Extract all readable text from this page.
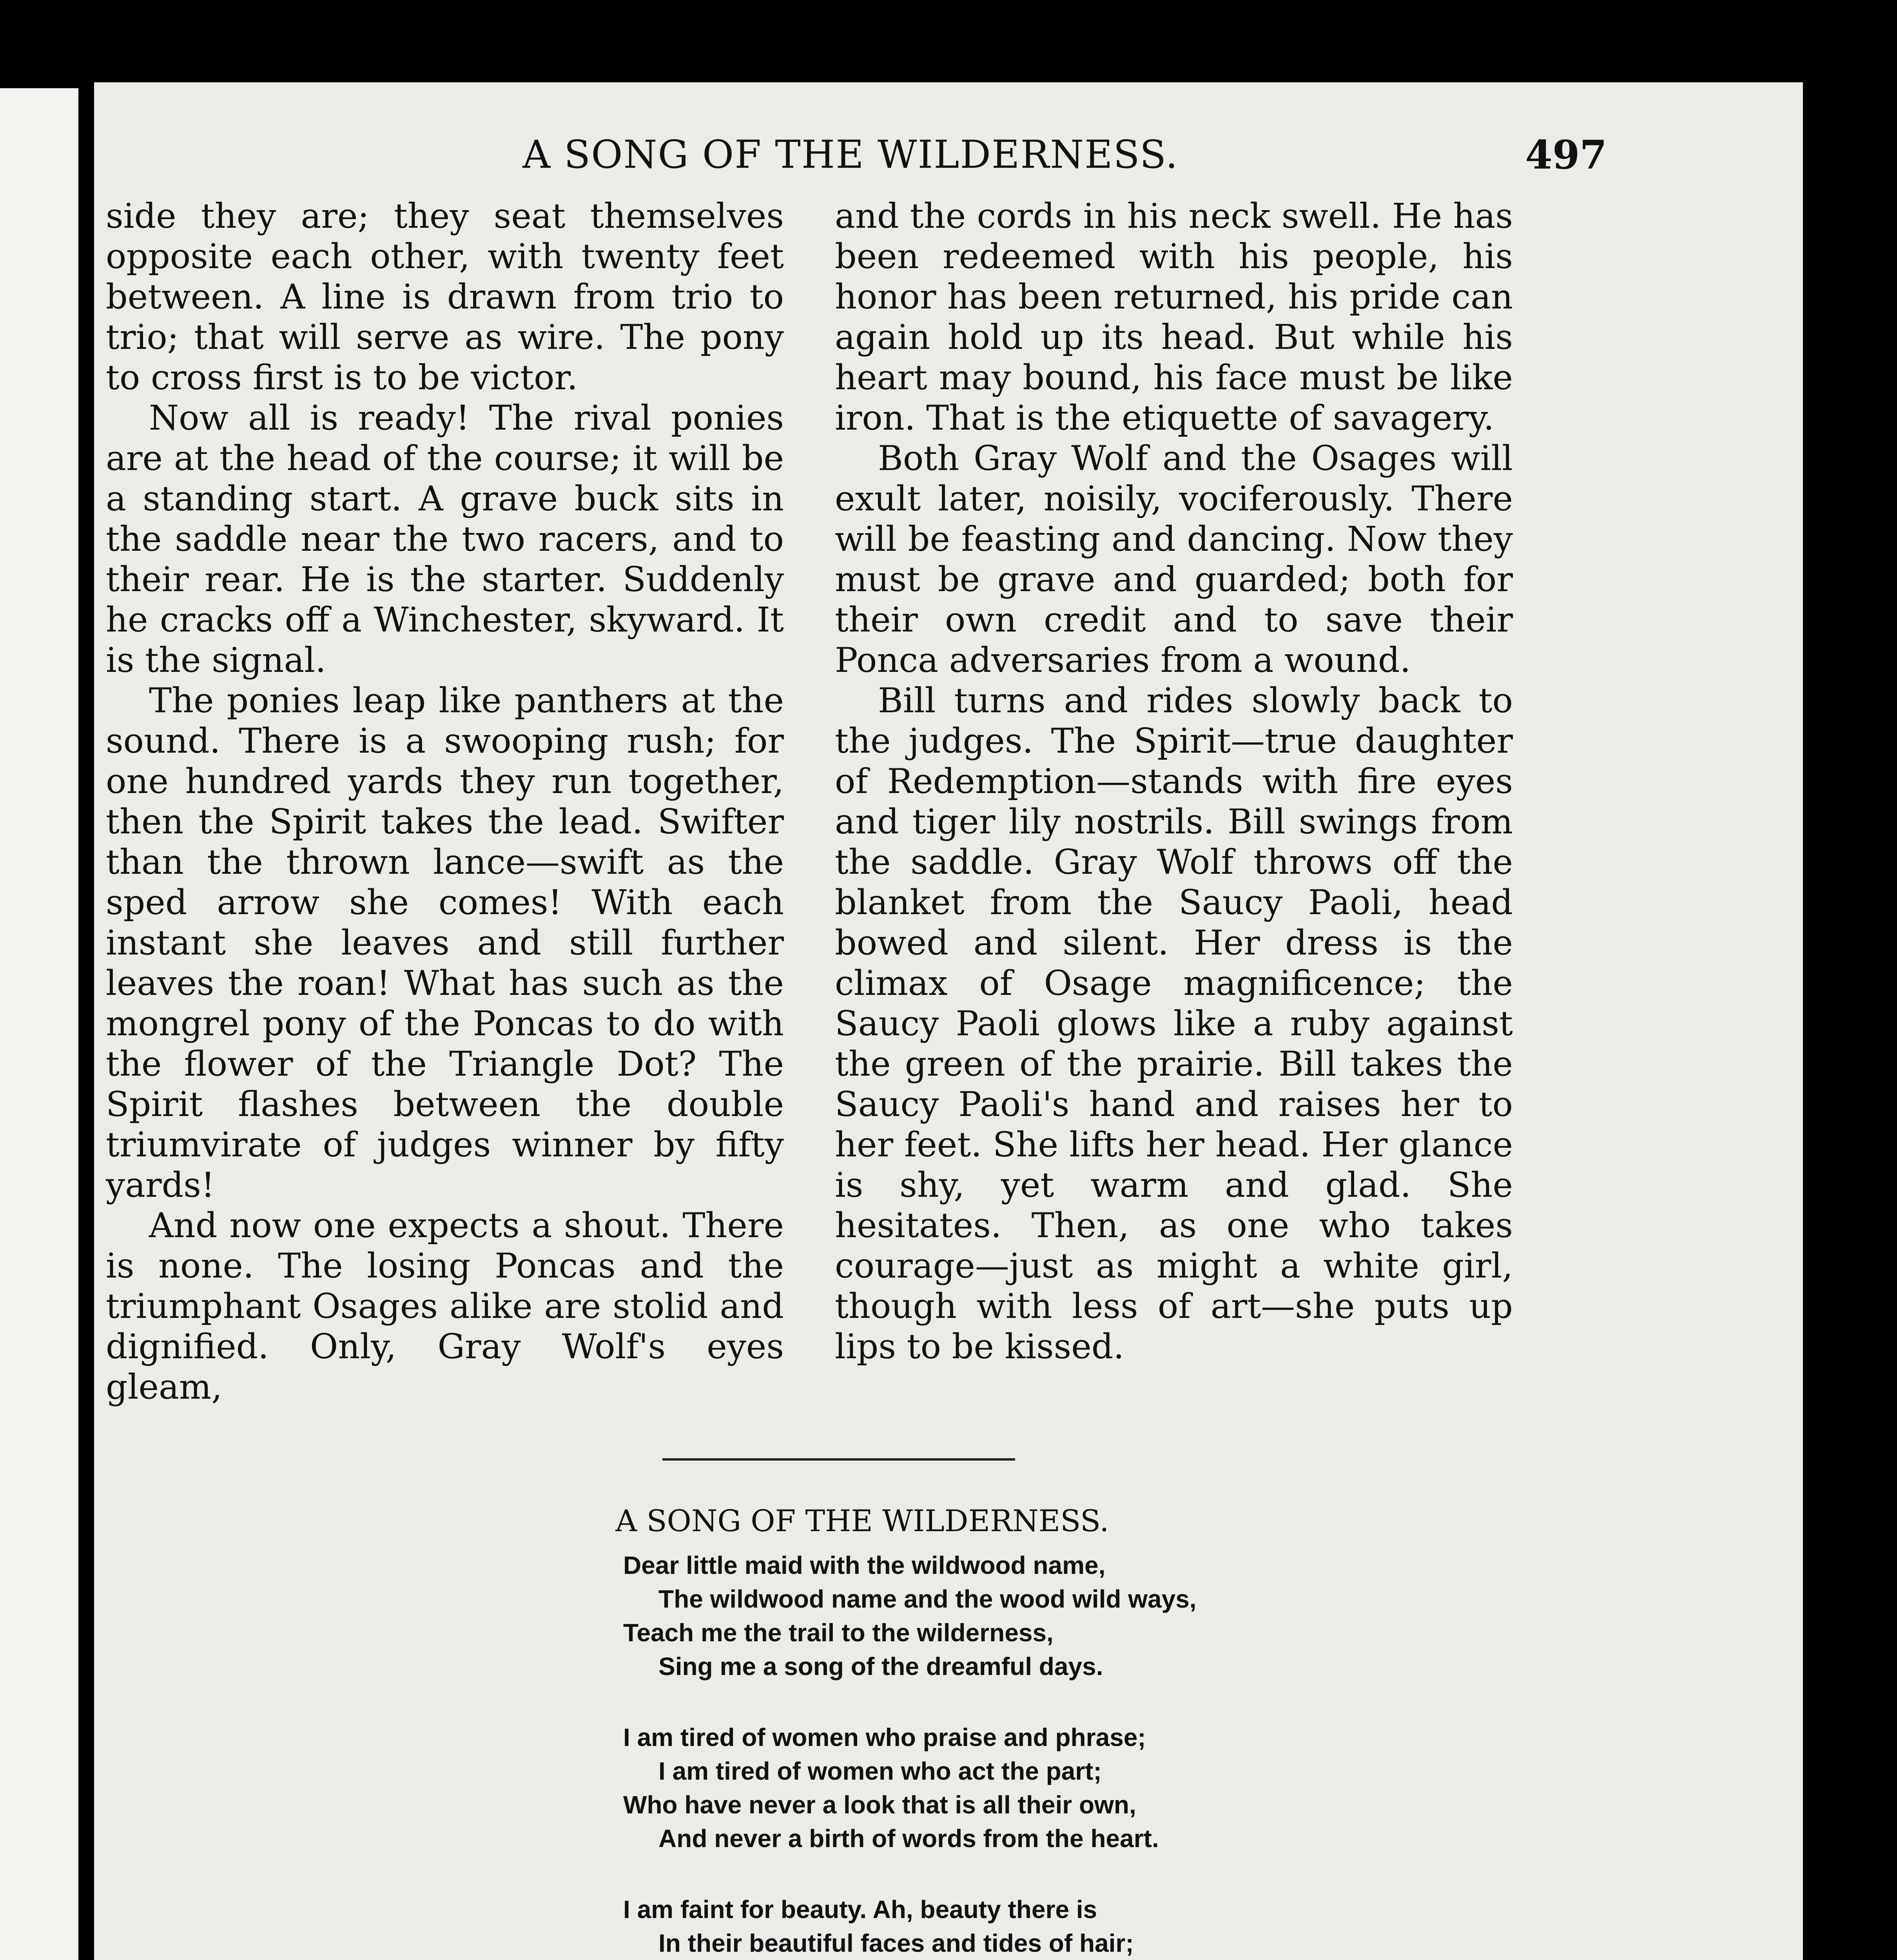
A SONG OF THE WILDERNESS.	497

side they are; they seat themselves opposite each other, with twenty feet between. A line is drawn from trio to trio; that will serve as wire. The pony to cross first is to be victor.

Now all is ready! The rival ponies are at the head of the course; it will be a standing start. A grave buck sits in the saddle near the two racers, and to their rear. He is the starter. Suddenly he cracks off a Winchester, skyward. It is the signal.

The ponies leap like panthers at the sound. There is a swooping rush; for one hundred yards they run together, then the Spirit takes the lead. Swifter than the thrown lance—swift as the sped arrow she comes! With each instant she leaves and still further leaves the roan! What has such as the mongrel pony of the Poncas to do with the flower of the Triangle Dot? The Spirit flashes between the double triumvirate of judges winner by fifty yards!

And now one expects a shout. There is none. The losing Poncas and the triumphant Osages alike are stolid and dignified. Only, Gray Wolf's eyes gleam,

and the cords in his neck swell. He has been redeemed with his people, his honor has been returned, his pride can again hold up its head. But while his heart may bound, his face must be like iron. That is the etiquette of savagery.

Both Gray Wolf and the Osages will exult later, noisily, vociferously. There will be feasting and dancing. Now they must be grave and guarded; both for their own credit and to save their Ponca adversaries from a wound.

Bill turns and rides slowly back to the judges. The Spirit—true daughter of Redemption—stands with fire eyes and tiger lily nostrils. Bill swings from the saddle. Gray Wolf throws off the blanket from the Saucy Paoli, head bowed and silent. Her dress is the climax of Osage magnificence; the Saucy Paoli glows like a ruby against the green of the prairie. Bill takes the Saucy Paoli's hand and raises her to her feet. She lifts her head. Her glance is shy, yet warm and glad. She hesitates. Then, as one who takes courage—just as might a white girl, though with less of art—she puts up lips to be kissed.

A SONG OF THE WILDERNESS.
Dear little maid with the wildwood name,
The wildwood name and the wood wild ways,
Teach me the trail to the wilderness,
Sing me a song of the dreamful days.
I am tired of women who praise and phrase;
I am tired of women who act the part;
Who have never a look that is all their own,
And never a birth of words from the heart.
I am faint for beauty. Ah, beauty there is
In their beautiful faces and tides of hair;
